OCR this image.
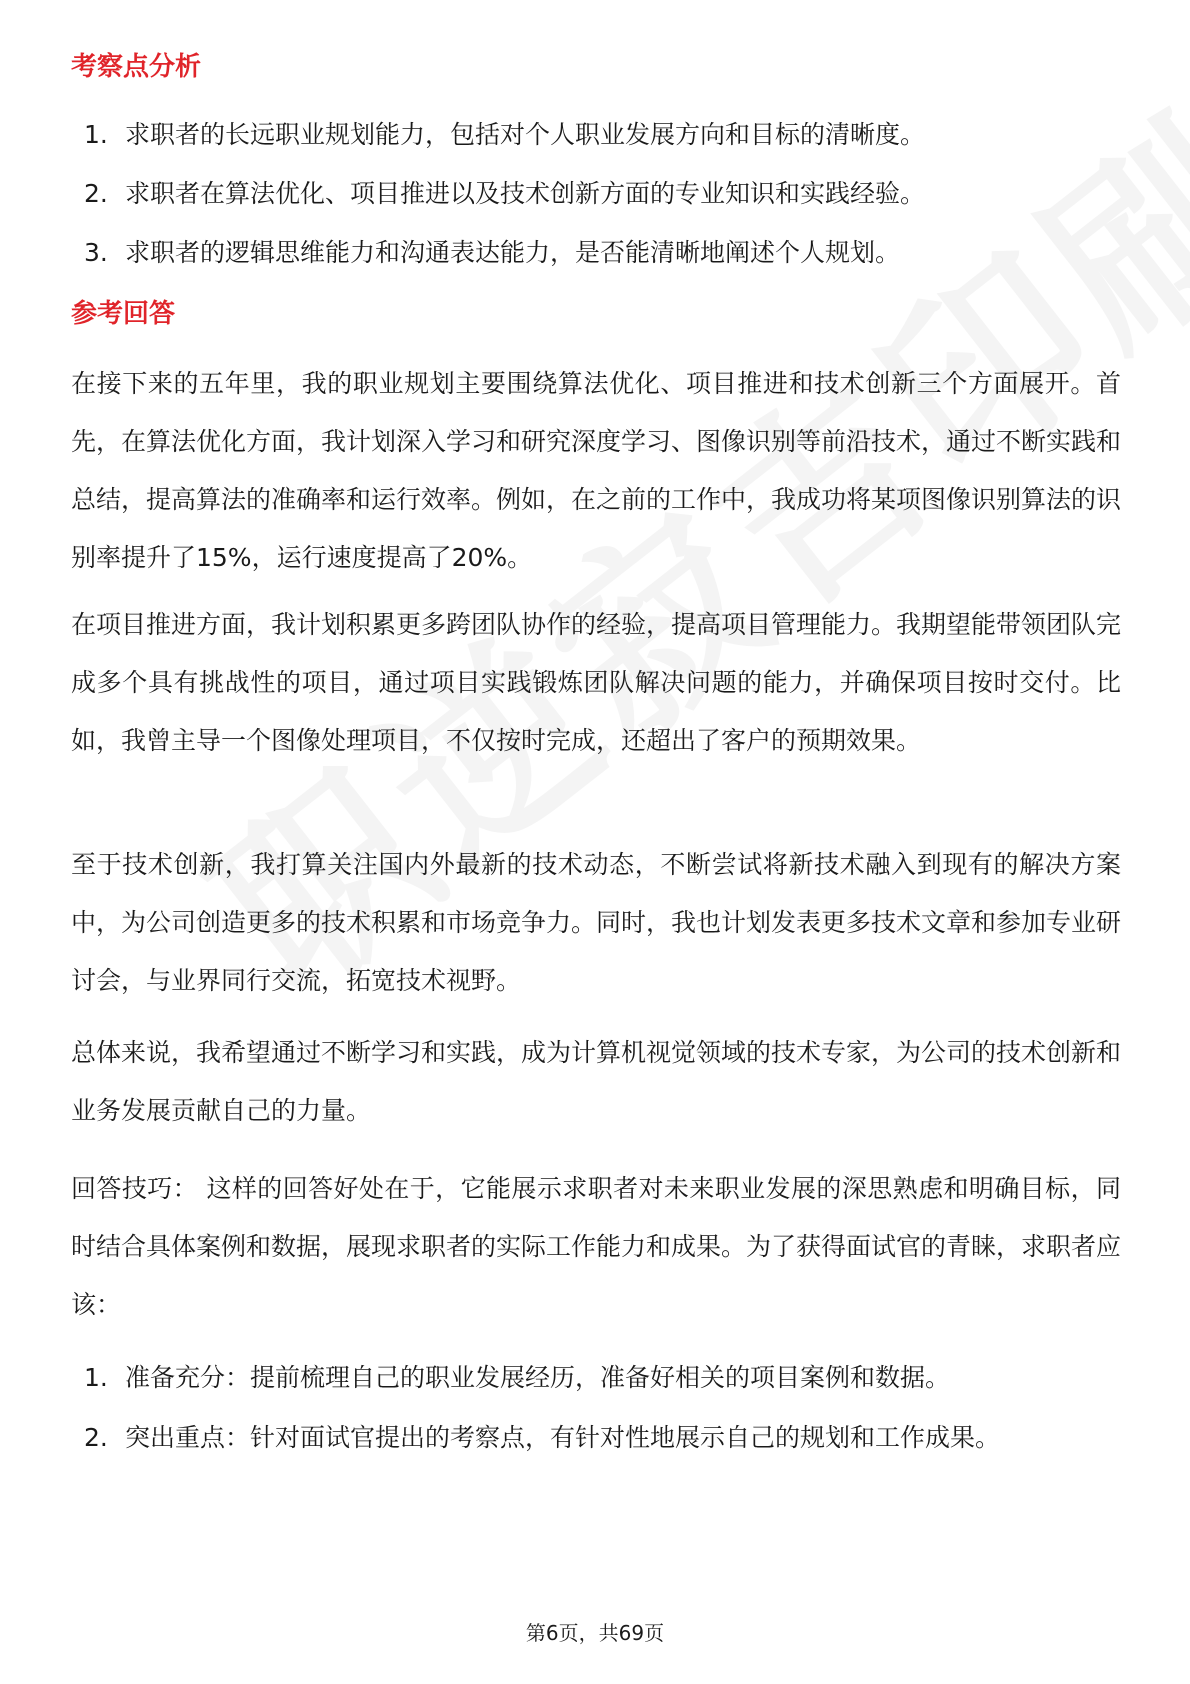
考察点分析
1. 求职者的长远职业规划能力，包括对个人职业发展方向和目标的清晰度。
2. 求职者在算法优化、项目推进以及技术创新方面的专业知识和实践经验。
3. 求职者的逻辑思维能力和沟通表达能力，是否能清晰地阐述个人规划。
参考回答

在接下来的五年里，我的职业规划主要围绕算法优化、项目推进和技术创新三个方面展开。首先，在算法优化方面，我计划深入学习和研究深度学习、图像识别等前沿技术，通过不断实践和总结，提高算法的准确率和运行效率。例如，在之前的工作中，我成功将某项图像识别算法的识别率提升了15%，运行速度提高了20%。

在项目推进方面，我计划积累更多跨团队协作的经验，提高项目管理能力。我期望能带领团队完成多个具有挑战性的项目，通过项目实践锻炼团队解决问题的能力，并确保项目按时交付。比如，我曾主导一个图像处理项目，不仅按时完成，还超出了客户的预期效果。

至于技术创新，我打算关注国内外最新的技术动态，不断尝试将新技术融入到现有的解决方案中，为公司创造更多的技术积累和市场竞争力。同时，我也计划发表更多技术文章和参加专业研讨会，与业界同行交流，拓宽技术视野。

总体来说，我希望通过不断学习和实践，成为计算机视觉领域的技术专家，为公司的技术创新和业务发展贡献自己的力量。

回答技巧： 这样的回答好处在于，它能展示求职者对未来职业发展的深思熟虑和明确目标，同时结合具体案例和数据，展现求职者的实际工作能力和成果。为了获得面试官的青睐，求职者应该：

1. 准备充分：提前梳理自己的职业发展经历，准备好相关的项目案例和数据。
2. 突出重点：针对面试官提出的考察点，有针对性地展示自己的规划和工作成果。
第6页，共69页
